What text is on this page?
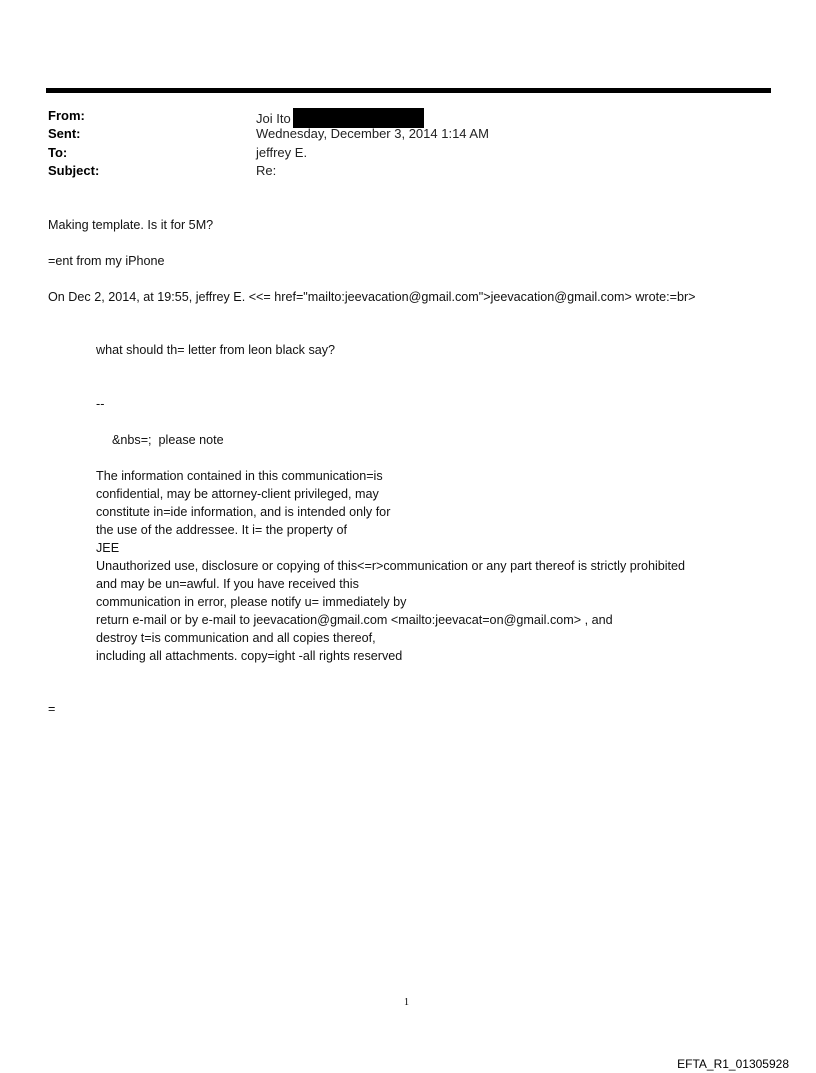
From:	Joi Ito
Sent:	Wednesday, December 3, 2014 1:14 AM
To:	jeffrey E.
Subject:	Re:
Making template. Is it for 5M?
=ent from my iPhone
On Dec 2, 2014, at 19:55, jeffrey E. <<= href="mailto:jeevacation@gmail.com">jeevacation@gmail.com> wrote:=br>
what should th= letter from leon black say?
--
&nbs=;  please note
The information contained in this communication=is
confidential, may be attorney-client privileged, may
constitute in=ide information, and is intended only for
the use of the addressee. It i= the property of
JEE
Unauthorized use, disclosure or copying of this<=r>communication or any part thereof is strictly prohibited
and may be un=awful. If you have received this
communication in error, please notify u= immediately by
return e-mail or by e-mail to jeevacation@gmail.com <mailto:jeevacat=on@gmail.com> , and
destroy t=is communication and all copies thereof,
including all attachments. copy=ight -all rights reserved
=
1
EFTA_R1_01305928
